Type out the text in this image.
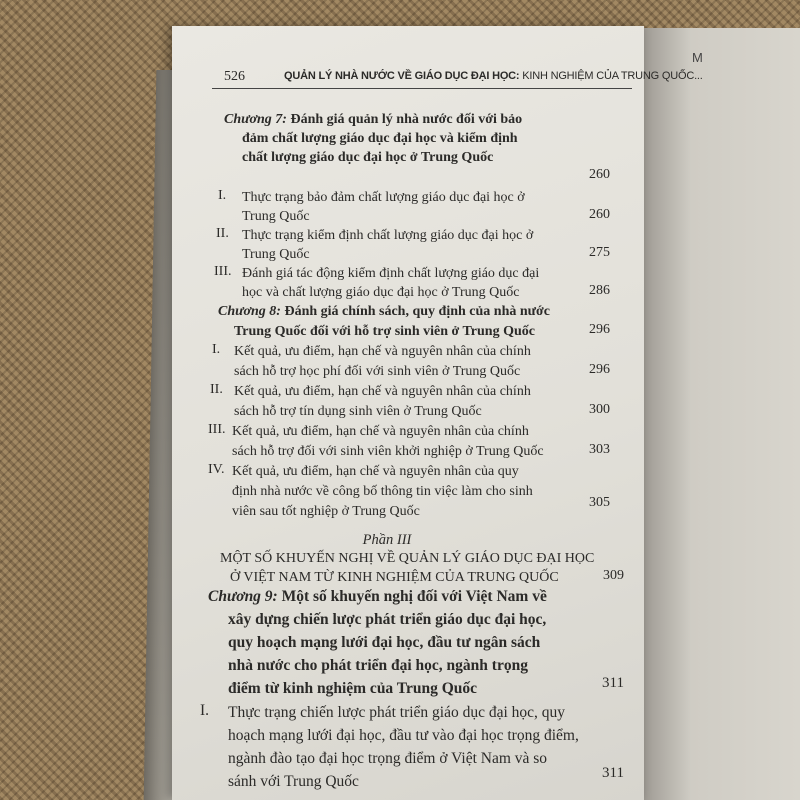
M
526	QUẢN LÝ NHÀ NƯỚC VỀ GIÁO DỤC ĐẠI HỌC: KINH NGHIỆM CỦA TRUNG QUỐC...
Chương 7: Đánh giá quản lý nhà nước đối với bảo
đảm chất lượng giáo dục đại học và kiểm định
chất lượng giáo dục đại học ở Trung Quốc
260
I. Thực trạng bảo đảm chất lượng giáo dục đại học ở
Trung Quốc	260
II. Thực trạng kiểm định chất lượng giáo dục đại học ở
Trung Quốc	275
III. Đánh giá tác động kiểm định chất lượng giáo dục đại
học và chất lượng giáo dục đại học ở Trung Quốc	286
Chương 8: Đánh giá chính sách, quy định của nhà nước
Trung Quốc đối với hỗ trợ sinh viên ở Trung Quốc	296
I. Kết quả, ưu điểm, hạn chế và nguyên nhân của chính
sách hỗ trợ học phí đối với sinh viên ở Trung Quốc	296
II. Kết quả, ưu điểm, hạn chế và nguyên nhân của chính
sách hỗ trợ tín dụng sinh viên ở Trung Quốc	300
III. Kết quả, ưu điểm, hạn chế và nguyên nhân của chính
sách hỗ trợ đối với sinh viên khởi nghiệp ở Trung Quốc	303
IV. Kết quả, ưu điểm, hạn chế và nguyên nhân của quy
định nhà nước về công bố thông tin việc làm cho sinh
viên sau tốt nghiệp ở Trung Quốc
305
Phần III
MỘT SỐ KHUYẾN NGHỊ VỀ QUẢN LÝ GIÁO DỤC ĐẠI HỌC
Ở VIỆT NAM TỪ KINH NGHIỆM CỦA TRUNG QUỐC	309
Chương 9: Một số khuyến nghị đối với Việt Nam về
xây dựng chiến lược phát triển giáo dục đại học,
quy hoạch mạng lưới đại học, đầu tư ngân sách
nhà nước cho phát triển đại học, ngành trọng
điểm từ kinh nghiệm của Trung Quốc	311
I. Thực trạng chiến lược phát triển giáo dục đại học, quy
hoạch mạng lưới đại học, đầu tư vào đại học trọng điểm,
ngành đào tạo đại học trọng điểm ở Việt Nam và so
sánh với Trung Quốc	311
